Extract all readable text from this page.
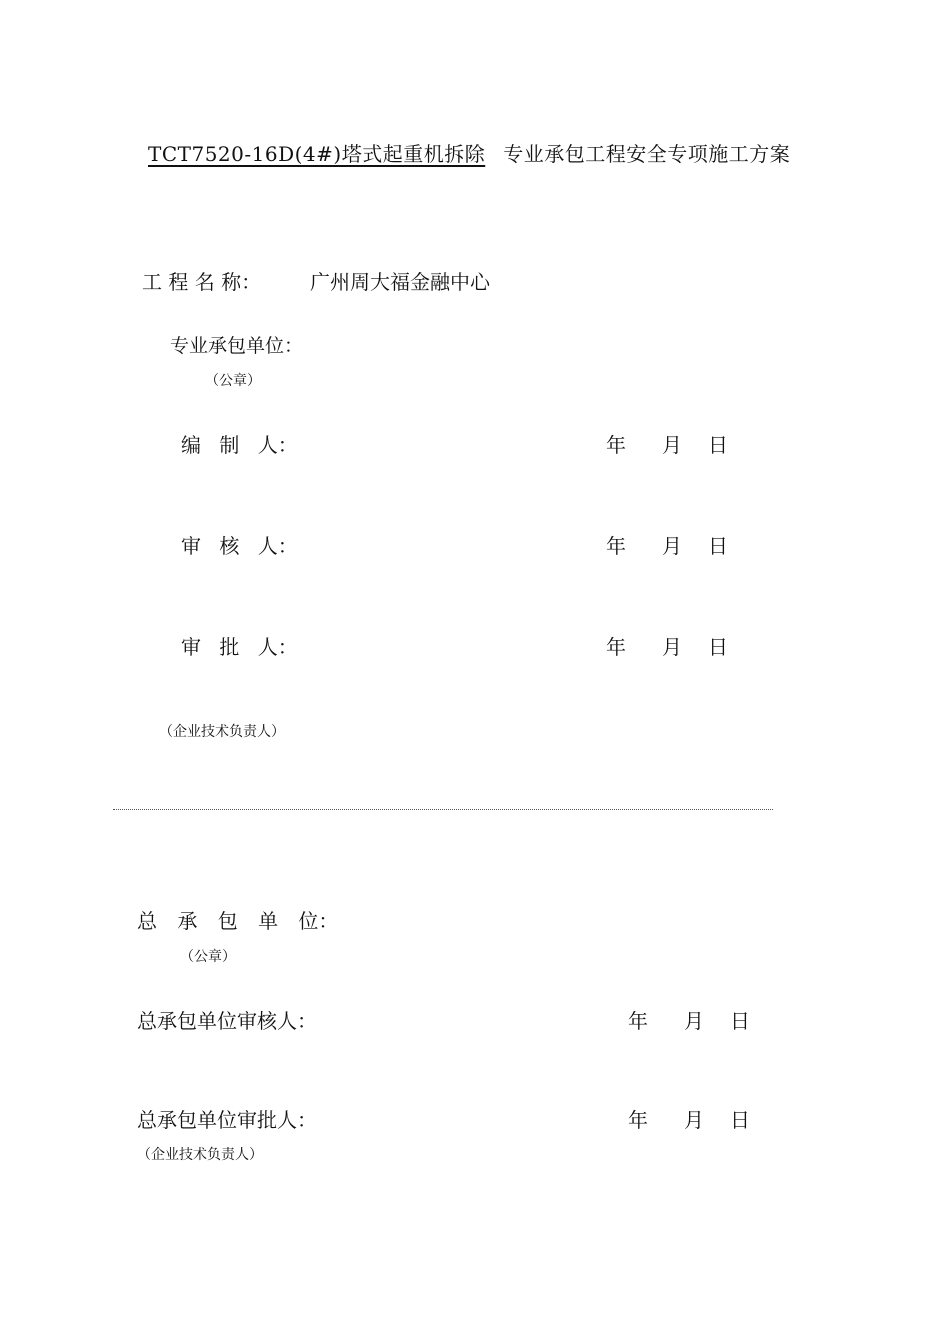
TCT7520-16D(4#)塔式起重机拆除 专业承包工程安全专项施工方案
工 程 名 称： 广州周大福金融中心
专业承包单位：
（公章）
编 制 人：	年 月 日
审 核 人：	年 月 日
审 批 人：	年 月 日
（企业技术负责人）
总 承 包 单 位：
（公章）
总承包单位审核人：	年 月 日
总承包单位审批人：	年 月 日
（企业技术负责人）
